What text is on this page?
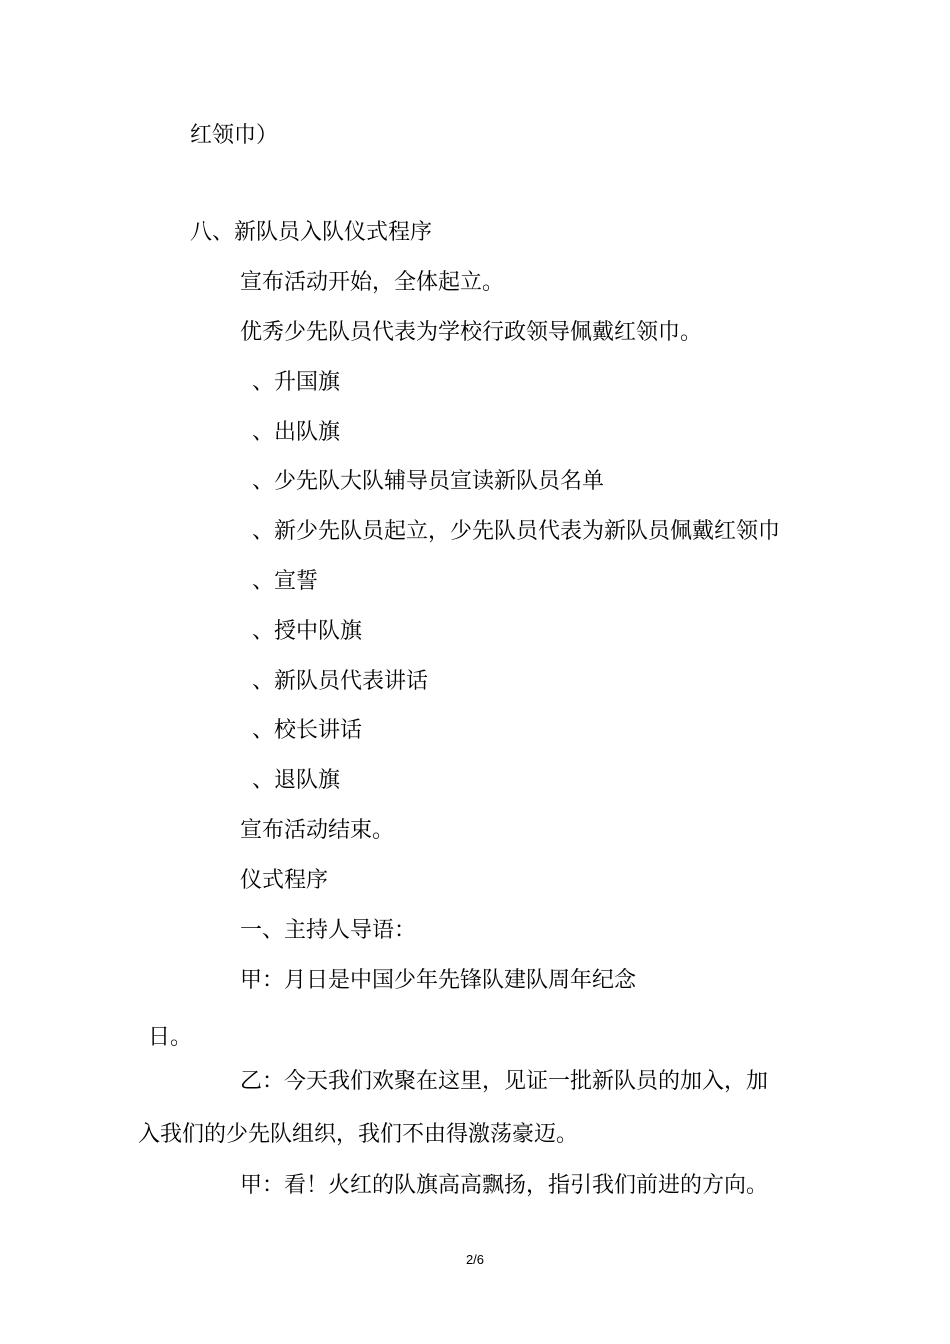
红领巾）
八、新队员入队仪式程序
宣布活动开始，全体起立。
优秀少先队员代表为学校行政领导佩戴红领巾。
、升国旗
、出队旗
、少先队大队辅导员宣读新队员名单
、新少先队员起立，少先队员代表为新队员佩戴红领巾
、宣誓
、授中队旗
、新队员代表讲话
、校长讲话
、退队旗
宣布活动结束。
仪式程序
一、主持人导语：
甲：月日是中国少年先锋队建队周年纪念
日。
乙：今天我们欢聚在这里，见证一批新队员的加入，加
入我们的少先队组织，我们不由得激荡豪迈。
甲：看！火红的队旗高高飘扬，指引我们前进的方向。
2/6
